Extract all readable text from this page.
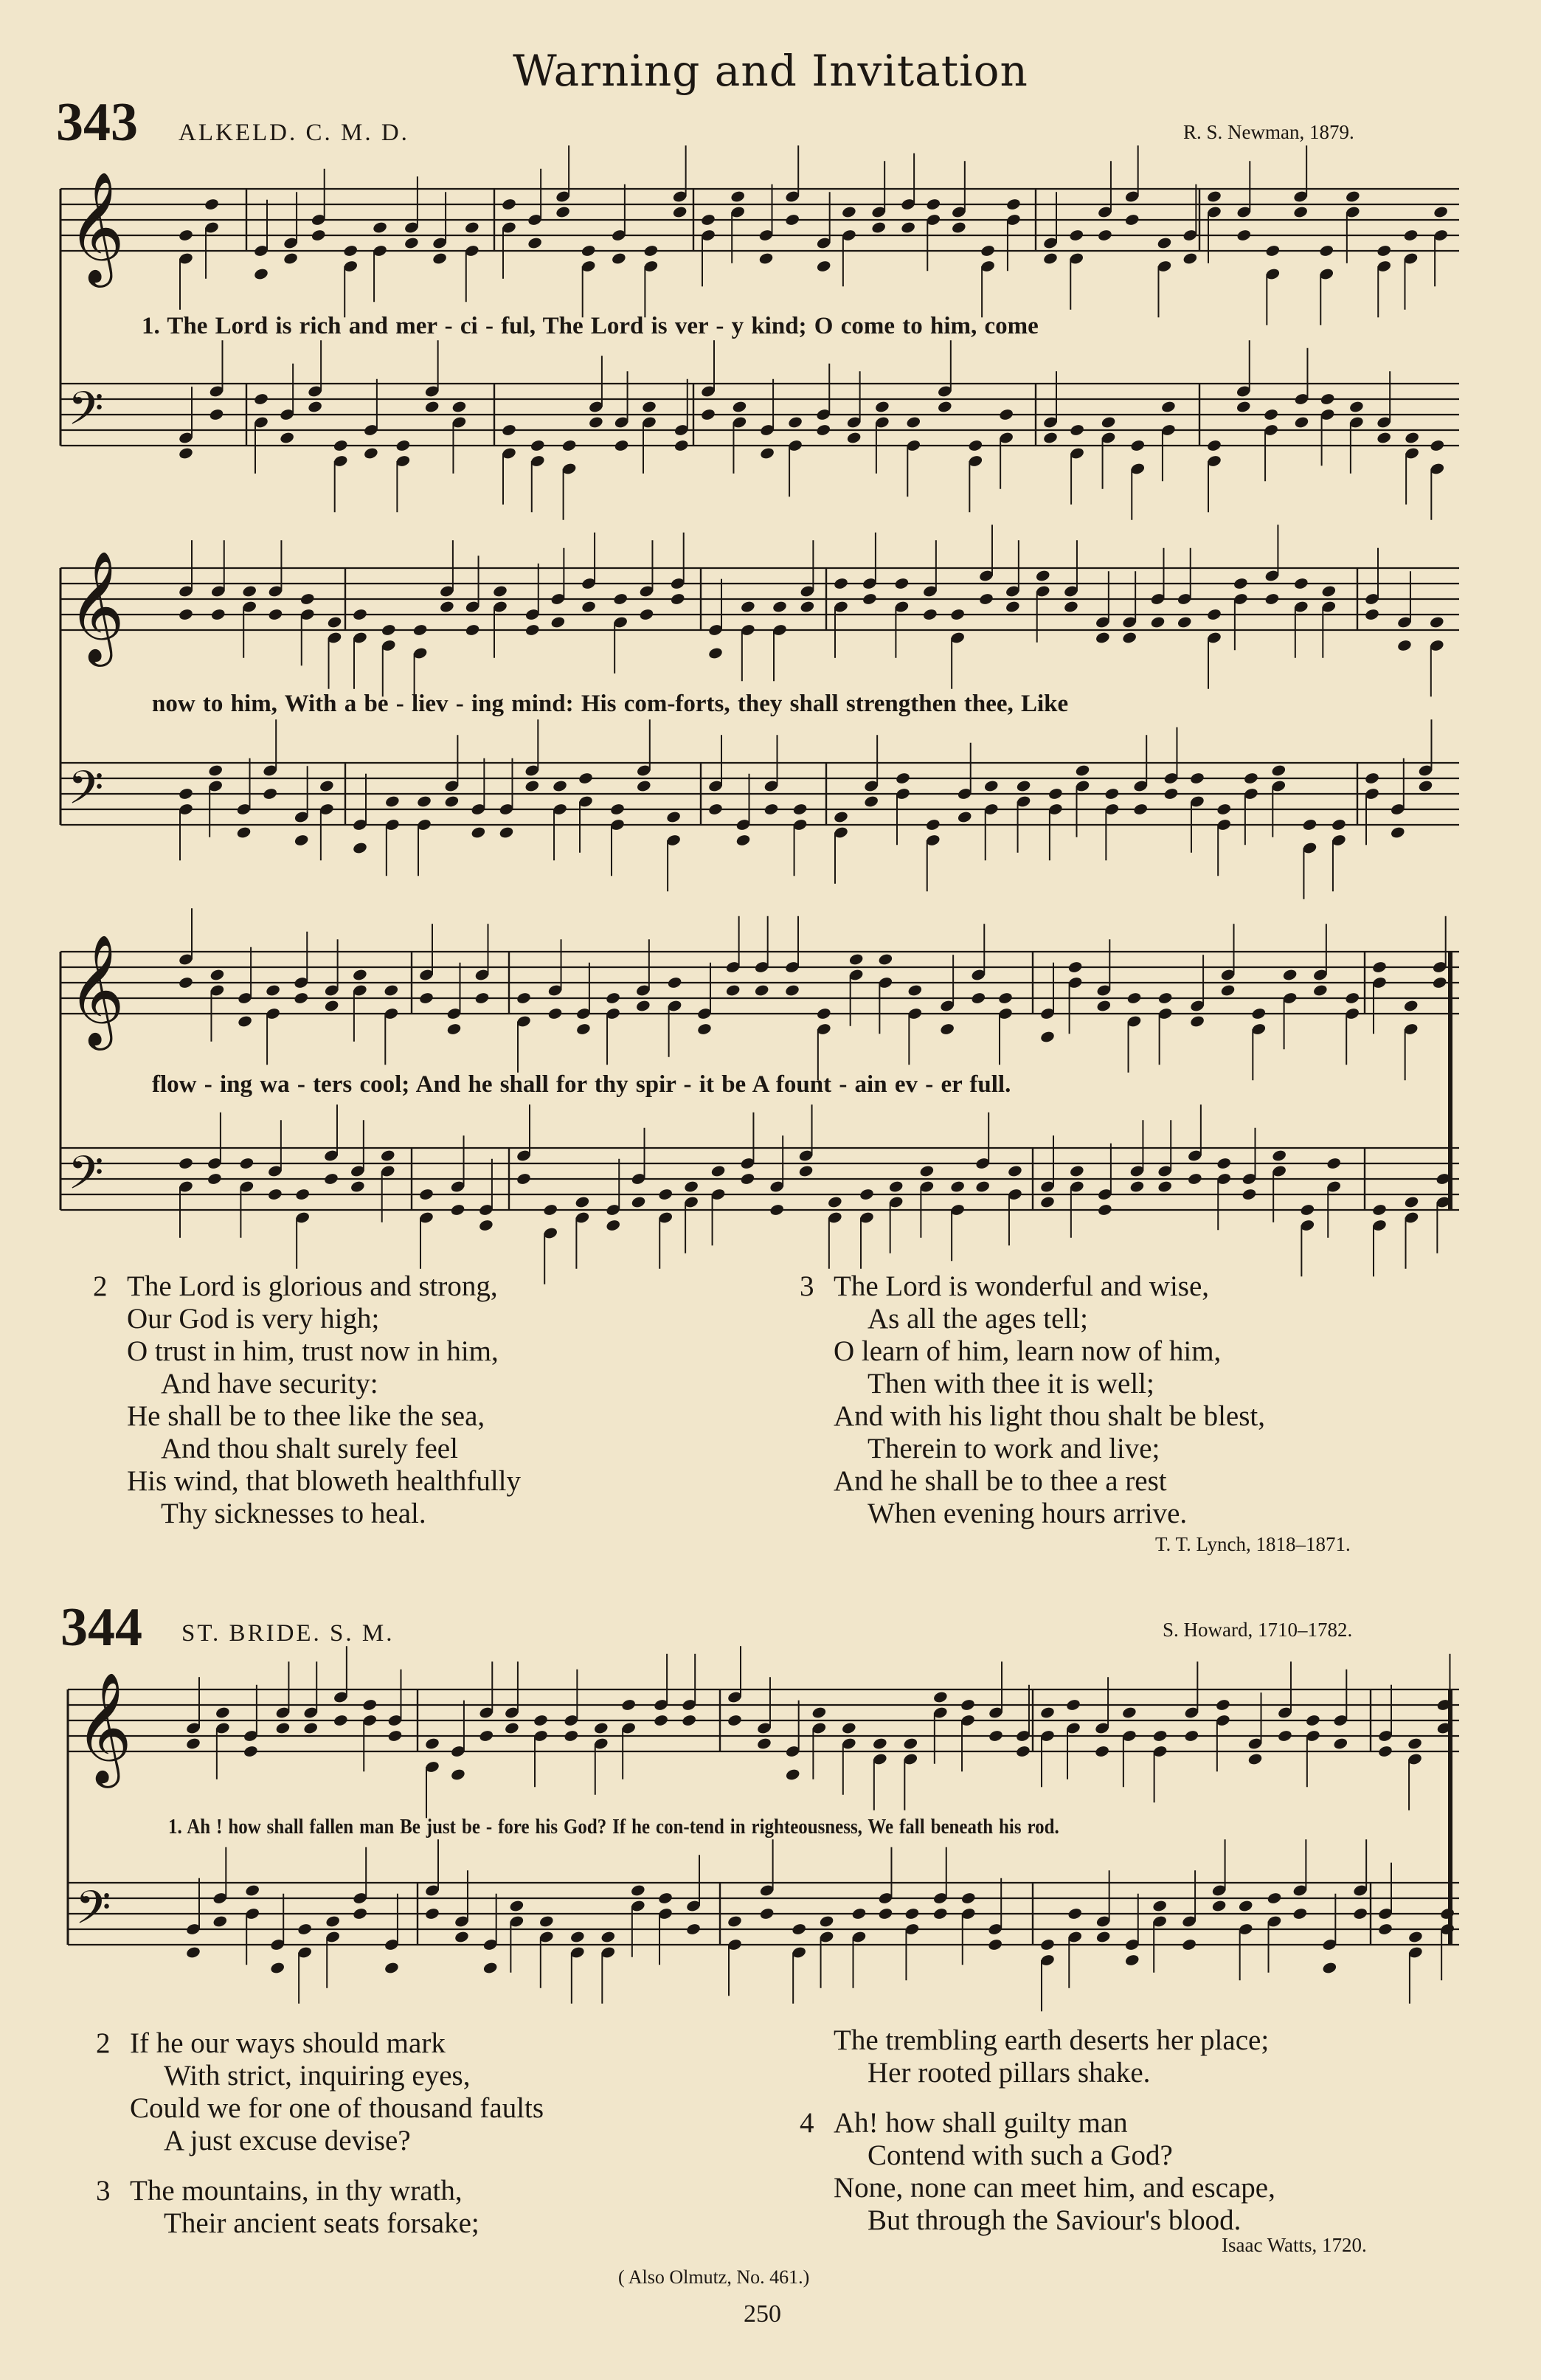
Warning and Invitation
343 ALKELD. C. M. D.	R. S. Newman, 1879.
𝄞
𝄢
𝄞
𝄢
𝄞
𝄢
1. The Lord is rich and mer - ci - ful, The Lord is ver - y kind; O come to him, come
now to him, With a be - liev - ing mind: His com-forts, they shall strengthen thee, Like
flow - ing wa - ters cool; And he shall for thy spir - it be A fount - ain ev - er full.
2 The Lord is glorious and strong,
Our God is very high;
O trust in him, trust now in him,
And have security:
He shall be to thee like the sea,
And thou shalt surely feel
His wind, that bloweth healthfully
Thy sicknesses to heal.
3 The Lord is wonderful and wise,
As all the ages tell;
O learn of him, learn now of him,
Then with thee it is well;
And with his light thou shalt be blest,
Therein to work and live;
And he shall be to thee a rest
When evening hours arrive.
T. T. Lynch, 1818–1871.
344 ST. BRIDE. S. M.	S. Howard, 1710–1782.
𝄞
𝄢
1. Ah ! how shall fallen man Be just be - fore his God? If he con-tend in righteousness, We fall beneath his rod.
2 If he our ways should mark
With strict, inquiring eyes,
Could we for one of thousand faults
A just excuse devise?
3 The mountains, in thy wrath,
Their ancient seats forsake;
The trembling earth deserts her place;
Her rooted pillars shake.
4 Ah! how shall guilty man
Contend with such a God?
None, none can meet him, and escape,
But through the Saviour's blood.
Isaac Watts, 1720.
( Also Olmutz, No. 461.)
250
